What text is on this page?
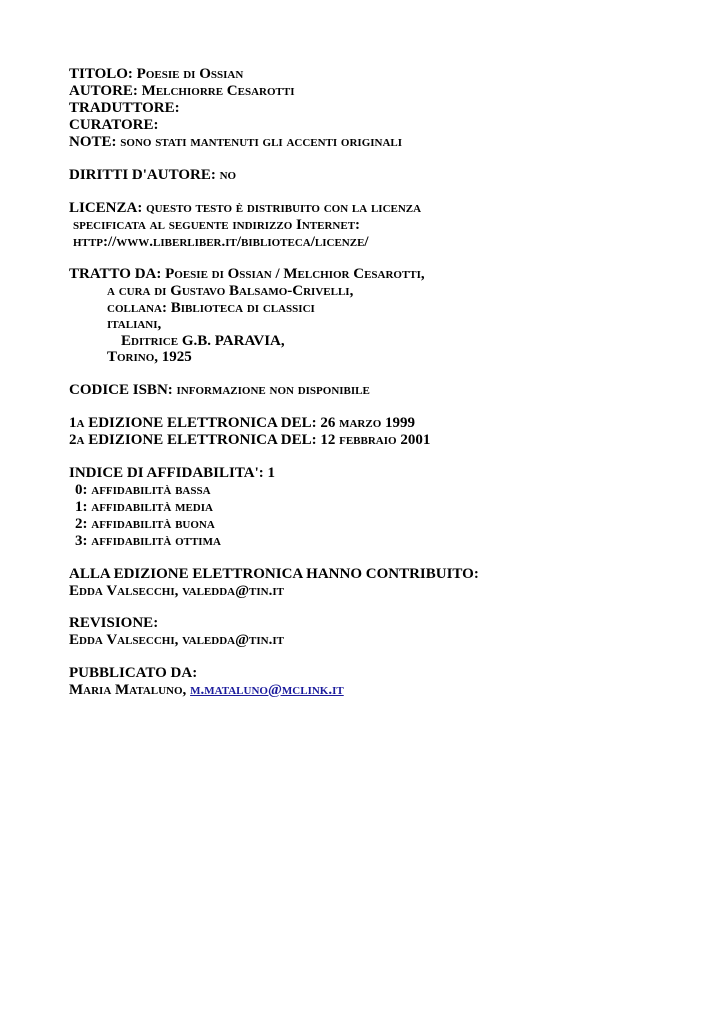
TITOLO: Poesie di Ossian
AUTORE: Melchiorre Cesarotti
TRADUTTORE:
CURATORE:
NOTE: sono stati mantenuti gli accenti originali
DIRITTI D'AUTORE: no
LICENZA: questo testo è distribuito con la licenza
specificata al seguente indirizzo Internet:
http://www.liberliber.it/biblioteca/licenze/
TRATTO DA: Poesie di Ossian / Melchior Cesarotti,
a cura di Gustavo Balsamo-Crivelli,
collana: Biblioteca di classici
italiani,
Editrice G.B. PARAVIA,
Torino, 1925
CODICE ISBN: informazione non disponibile
1a EDIZIONE ELETTRONICA DEL: 26 marzo 1999
2a EDIZIONE ELETTRONICA DEL: 12 febbraio 2001
INDICE DI AFFIDABILITA': 1
0: affidabilità bassa
1: affidabilità media
2: affidabilità buona
3: affidabilità ottima
ALLA EDIZIONE ELETTRONICA HANNO CONTRIBUITO:
Edda Valsecchi, valedda@tin.it
REVISIONE:
Edda Valsecchi, valedda@tin.it
PUBBLICATO DA:
Maria Mataluno, m.mataluno@mclink.it
